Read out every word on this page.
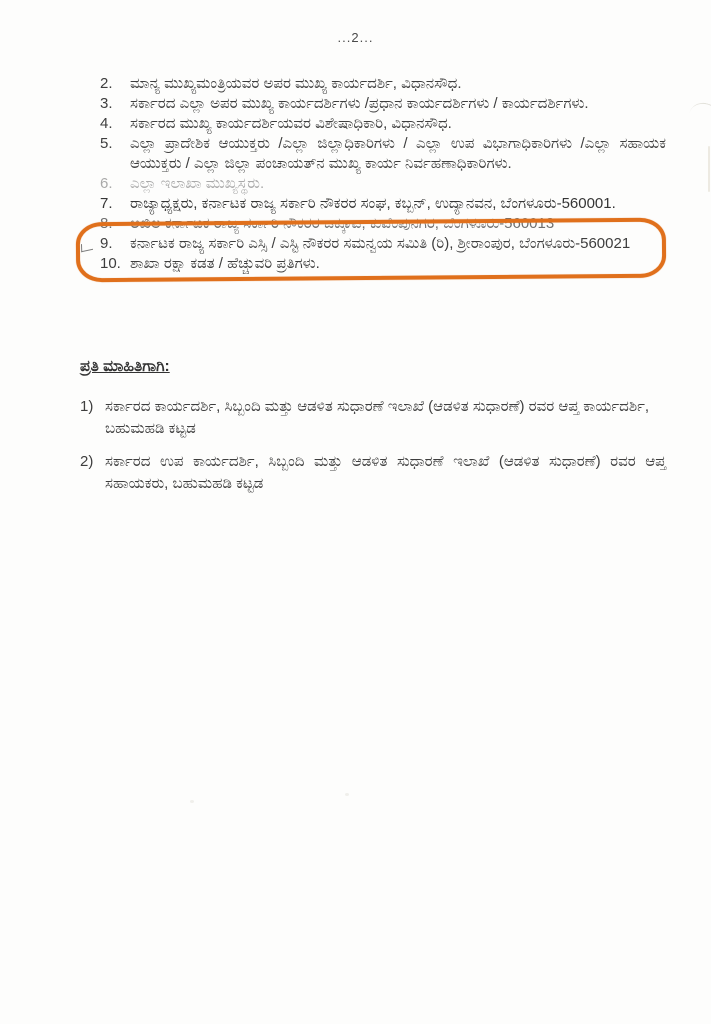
...2...
2.	ಮಾನ್ಯ ಮುಖ್ಯಮಂತ್ರಿಯವರ ಅಪರ ಮುಖ್ಯ ಕಾರ್ಯದರ್ಶಿ, ವಿಧಾನಸೌಧ.
3.	ಸರ್ಕಾರದ ಎಲ್ಲಾ ಅಪರ ಮುಖ್ಯ ಕಾರ್ಯದರ್ಶಿಗಳು /ಪ್ರಧಾನ ಕಾರ್ಯದರ್ಶಿಗಳು / ಕಾರ್ಯದರ್ಶಿಗಳು.
4.	ಸರ್ಕಾರದ ಮುಖ್ಯ ಕಾರ್ಯದರ್ಶಿಯವರ ವಿಶೇಷಾಧಿಕಾರಿ, ವಿಧಾನಸೌಧ.
5.	ಎಲ್ಲಾ ಪ್ರಾದೇಶಿಕ ಆಯುಕ್ತರು /ಎಲ್ಲಾ ಜಿಲ್ಲಾಧಿಕಾರಿಗಳು / ಎಲ್ಲಾ ಉಪ ವಿಭಾಗಾಧಿಕಾರಿಗಳು /ಎಲ್ಲಾ ಸಹಾಯಕ ಆಯುಕ್ತರು / ಎಲ್ಲಾ ಜಿಲ್ಲಾ ಪಂಚಾಯತ್‌ನ ಮುಖ್ಯ ಕಾರ್ಯ ನಿರ್ವಹಣಾಧಿಕಾರಿಗಳು.
6.	ಎಲ್ಲಾ ಇಲಾಖಾ ಮುಖ್ಯಸ್ಥರು.
7.	ರಾಜ್ಯಾಧ್ಯಕ್ಷರು, ಕರ್ನಾಟಕ ರಾಜ್ಯ ಸರ್ಕಾರಿ ನೌಕರರ ಸಂಘ, ಕಬ್ಬನ್, ಉದ್ಯಾನವನ, ಬೆಂಗಳೂರು-560001.
8.	ಅಖಿಲ ಕರ್ನಾಟಕ ರಾಜ್ಯ ಸರ್ಕಾರಿ ನೌಕರರ ಒಕ್ಕೂಟ, ಕುವೆಂಪುನಗರ, ಬೆಂಗಳೂರು-560013
9.	ಕರ್ನಾಟಕ ರಾಜ್ಯ ಸರ್ಕಾರಿ ಎಸ್ಸಿ / ಎಸ್ಟಿ ನೌಕರರ ಸಮನ್ವಯ ಸಮಿತಿ (ರಿ), ಶ್ರೀರಾಂಪುರ, ಬೆಂಗಳೂರು-560021
10. ಶಾಖಾ ರಕ್ಷಾ ಕಡತ / ಹೆಚ್ಚುವರಿ ಪ್ರತಿಗಳು.
ಪ್ರತಿ ಮಾಹಿತಿಗಾಗಿ:
1) ಸರ್ಕಾರದ ಕಾರ್ಯದರ್ಶಿ, ಸಿಬ್ಬಂದಿ ಮತ್ತು ಆಡಳಿತ ಸುಧಾರಣೆ ಇಲಾಖೆ (ಆಡಳಿತ ಸುಧಾರಣೆ) ರವರ ಆಪ್ತ ಕಾರ್ಯದರ್ಶಿ, ಬಹುಮಹಡಿ ಕಟ್ಟಡ
2) ಸರ್ಕಾರದ ಉಪ ಕಾರ್ಯದರ್ಶಿ, ಸಿಬ್ಬಂದಿ ಮತ್ತು ಆಡಳಿತ ಸುಧಾರಣೆ ಇಲಾಖೆ (ಆಡಳಿತ ಸುಧಾರಣೆ) ರವರ ಆಪ್ತ ಸಹಾಯಕರು, ಬಹುಮಹಡಿ ಕಟ್ಟಡ
